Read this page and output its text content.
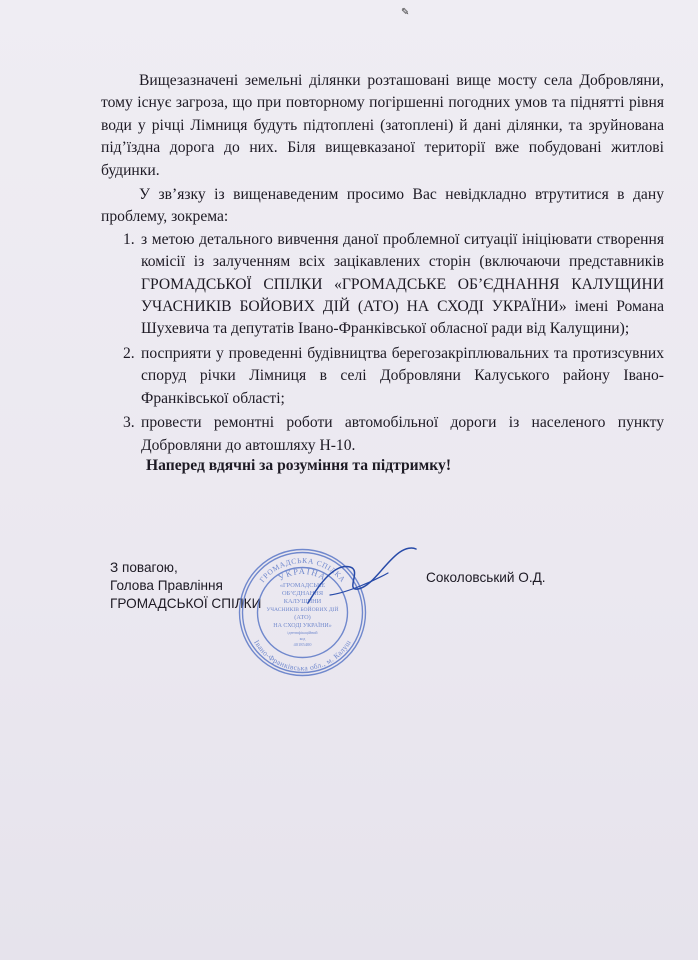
✎

Вищезазначені земельні ділянки розташовані вище мосту села Добровляни, тому існує загроза, що при повторному погіршенні погодних умов та піднятті рівня води у річці Лімниця будуть підтоплені (затоплені) й дані ділянки, та зруйнована під’їздна дорога до них. Біля вищевказаної території вже побудовані житлові будинки.

У зв’язку із вищенаведеним просимо Вас невідкладно втрутитися в дану проблему, зокрема:

1. з метою детального вивчення даної проблемної ситуації ініціювати створення комісії із залученням всіх зацікавлених сторін (включаючи представників ГРОМАДСЬКОЇ СПІЛКИ «ГРОМАДСЬКЕ ОБ’ЄДНАННЯ КАЛУЩИНИ УЧАСНИКІВ БОЙОВИХ ДІЙ (АТО) НА СХОДІ УКРАЇНИ» імені Романа Шухевича та депутатів Івано-Франківської обласної ради від Калущини);
2. посприяти у проведенні будівництва берегозакріплювальних та протизсувних споруд річки Лімниця в селі Добровляни Калуського району Івано-Франківської області;
3. провести ремонтні роботи автомобільної дороги із населеного пункту Добровляни до автошляху Н-10.
Наперед вдячні за розуміння та підтримку!
З повагою,
Голова Правління
ГРОМАДСЬКОЇ СПІЛКИ
УКРАЇНА
ГРОМАДСЬКА СПІЛКА
Івано-Франківська обл., м. Калуш
«ГРОМАДСЬКЕ
ОБ’ЄДНАННЯ
КАЛУЩИНИ
УЧАСНИКІВ БОЙОВИХ ДІЙ
(АТО)
НА СХОДІ УКРАЇНИ»
ідентифікаційний
код
40185400
Соколовський О.Д.
